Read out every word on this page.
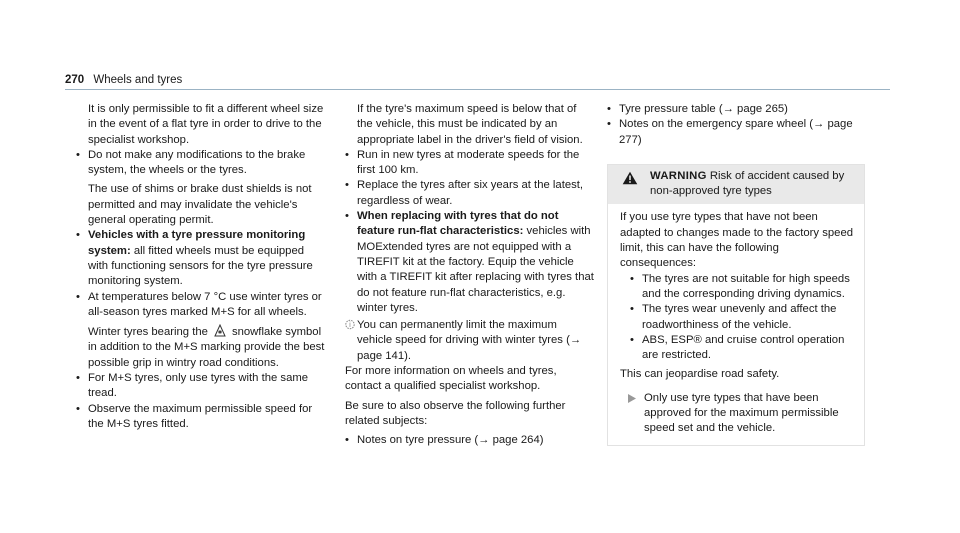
270 Wheels and tyres

It is only permissible to fit a different wheel size in the event of a flat tyre in order to drive to the specialist workshop.

• Do not make any modifications to the brake system, the wheels or the tyres.

The use of shims or brake dust shields is not permitted and may invalidate the vehicle's general operating permit.

• Vehicles with a tyre pressure monitoring system: all fitted wheels must be equipped with functioning sensors for the tyre pressure monitoring system.
• At temperatures below 7 °C use winter tyres or all-season tyres marked M+S for all wheels.

Winter tyres bearing the snowflake symbol in addition to the M+S marking provide the best possible grip in wintry road conditions.

• For M+S tyres, only use tyres with the same tread.
• Observe the maximum permissible speed for the M+S tyres fitted.

If the tyre's maximum speed is below that of the vehicle, this must be indicated by an appropriate label in the driver's field of vision.

• Run in new tyres at moderate speeds for the first 100 km.
• Replace the tyres after six years at the latest, regardless of wear.
• When replacing with tyres that do not feature run-flat characteristics: vehicles with MOExtended tyres are not equipped with a TIREFIT kit at the factory. Equip the vehicle with a TIREFIT kit after replacing with tyres that do not feature run-flat characteristics, e.g. winter tyres.
i You can permanently limit the maximum vehicle speed for driving with winter tyres (→ page 141).

For more information on wheels and tyres, contact a qualified specialist workshop.

Be sure to also observe the following further related subjects:

• Notes on tyre pressure (→ page 264)
• Tyre pressure table (→ page 265)
• Notes on the emergency spare wheel (→ page 277)
WARNING Risk of accident caused by non-approved tyre types

If you use tyre types that have not been adapted to changes made to the factory speed limit, this can have the following consequences:

• The tyres are not suitable for high speeds and the corresponding driving dynamics.
• The tyres wear unevenly and affect the roadworthiness of the vehicle.
• ABS, ESP® and cruise control operation are restricted.

This can jeopardise road safety.

Only use tyre types that have been approved for the maximum permissible speed set and the vehicle.
